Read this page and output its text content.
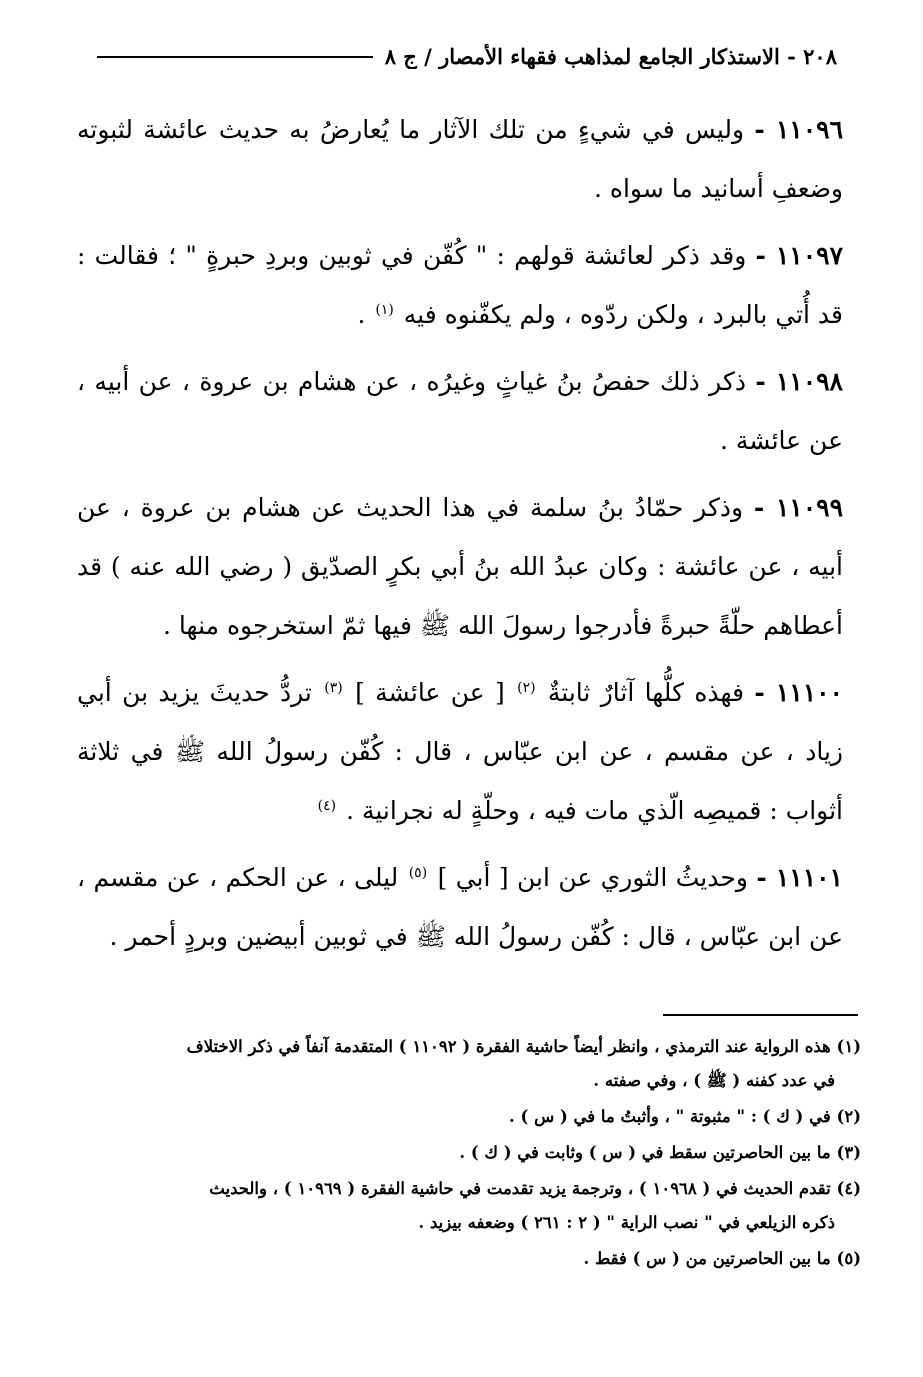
٢٠٨ - الاستذكار الجامع لمذاهب فقهاء الأمصار / ج ٨

١١٠٩٦ - وليس في شيءٍ من تلك الآثار ما يُعارضُ به حديث عائشة لثبوته وضعفِ أسانيد ما سواه .

١١٠٩٧ - وقد ذكر لعائشة قولهم : " كُفّن في ثوبين وبردِ حبرةٍ " ؛ فقالت : قد أُتي بالبرد ، ولكن ردّوه ، ولم يكفّنوه فيه $^{(١)}$ .

١١٠٩٨ - ذكر ذلك حفصُ بنُ غياثٍ وغيرُه ، عن هشام بن عروة ، عن أبيه ، عن عائشة .

١١٠٩٩ - وذكر حمّادُ بنُ سلمة في هذا الحديث عن هشام بن عروة ، عن أبيه ، عن عائشة : وكان عبدُ الله بنُ أبي بكرٍ الصدّيق ( رضي الله عنه ) قد أعطاهم حلّةً حبرةً فأدرجوا رسولَ الله ﷺ فيها ثمّ استخرجوه منها .

١١١٠٠ - فهذه كلُّها آثارٌ ثابتةٌ $^{(٢)}$ [ عن عائشة ] $^{(٣)}$ تردُّ حديثَ يزيد بن أبي زياد ، عن مقسم ، عن ابن عبّاس ، قال : كُفّن رسولُ الله ﷺ في ثلاثة أثواب : قميصِه الّذي مات فيه ، وحلّةٍ له نجرانية . $^{(٤)}$

١١١٠١ - وحديثُ الثوري عن ابن [ أبي ] $^{(٥)}$ ليلى ، عن الحكم ، عن مقسم ، عن ابن عبّاس ، قال : كُفّن رسولُ الله ﷺ في ثوبين أبيضين وبردٍ أحمر .

(١) هذه الرواية عند الترمذي ، وانظر أيضاً حاشية الفقرة ( ١١٠٩٢ ) المتقدمة آنفاً في ذكر الاختلاف
في عدد كفنه ( ﷺ ) ، وفي صفته .

(٢) في ( ك ) : " مثبوتة " ، وأثبتُ ما في ( س ) .

(٣) ما بين الحاصرتين سقط في ( س ) وثابت في ( ك ) .

(٤) تقدم الحديث في ( ١٠٩٦٨ ) ، وترجمة يزيد تقدمت في حاشية الفقرة ( ١٠٩٦٩ ) ، والحديث
ذكره الزيلعي في " نصب الراية " ( ٢ : ٢٦١ ) وضعفه بيزيد .

(٥) ما بين الحاصرتين من ( س ) فقط .
